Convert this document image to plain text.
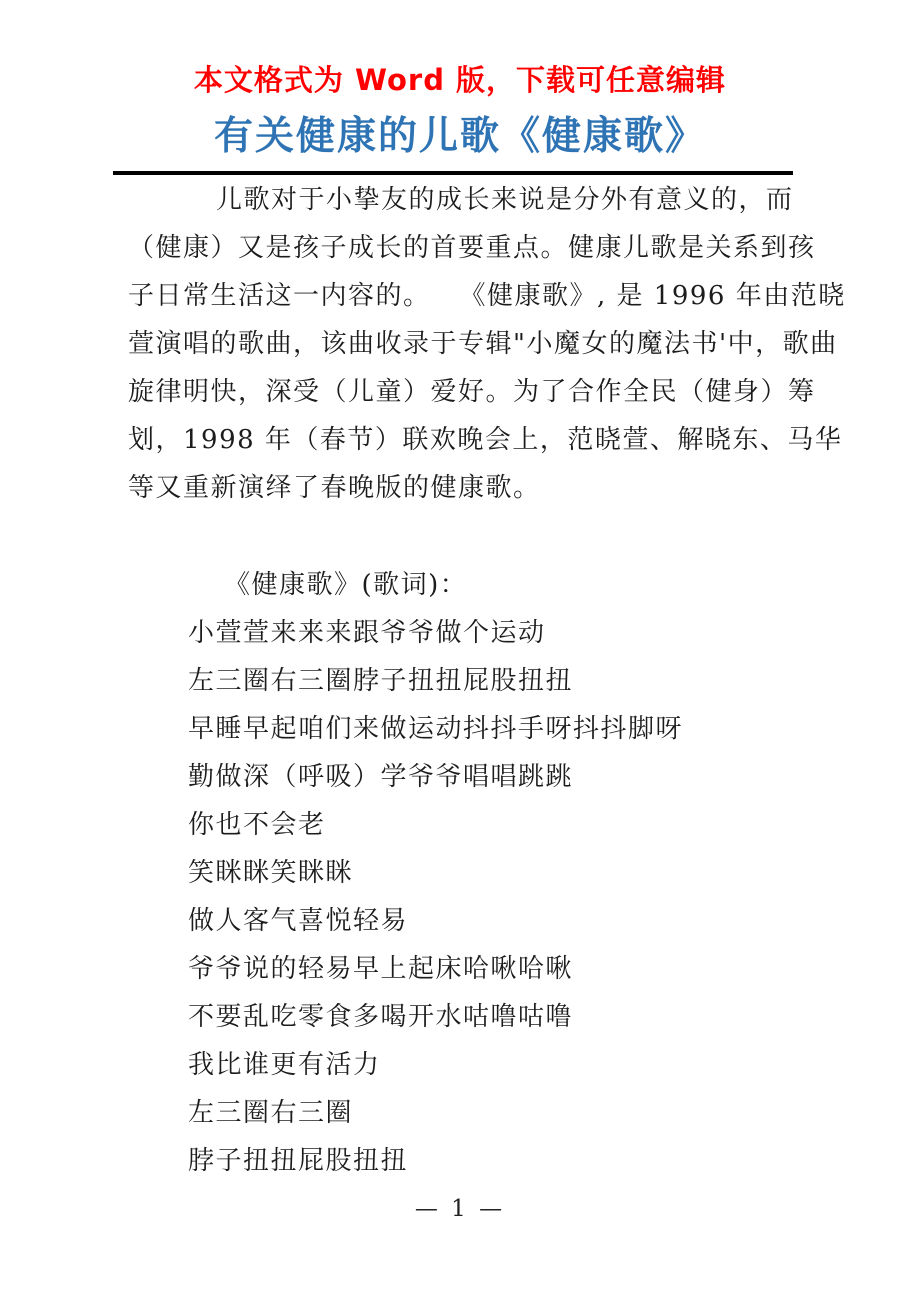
本文格式为 Word 版，下载可任意编辑
有关健康的儿歌《健康歌》
儿歌对于小挚友的成长来说是分外有意义的，而
（健康）又是孩子成长的首要重点。健康儿歌是关系到孩
子日常生活这一内容的。　　《健康歌》, 是 1996 年由范晓
萱演唱的歌曲，该曲收录于专辑"小魔女的魔法书'中，歌曲
旋律明快，深受（儿童）爱好。为了合作全民（健身）筹
划，1998 年（春节）联欢晚会上，范晓萱、解晓东、马华
等又重新演绎了春晚版的健康歌。
《健康歌》(歌词)：
小萱萱来来来跟爷爷做个运动
左三圈右三圈脖子扭扭屁股扭扭
早睡早起咱们来做运动抖抖手呀抖抖脚呀
勤做深（呼吸）学爷爷唱唱跳跳
你也不会老
笑眯眯笑眯眯
做人客气喜悦轻易
爷爷说的轻易早上起床哈啾哈啾
不要乱吃零食多喝开水咕噜咕噜
我比谁更有活力
左三圈右三圈
脖子扭扭屁股扭扭
— 1 —
